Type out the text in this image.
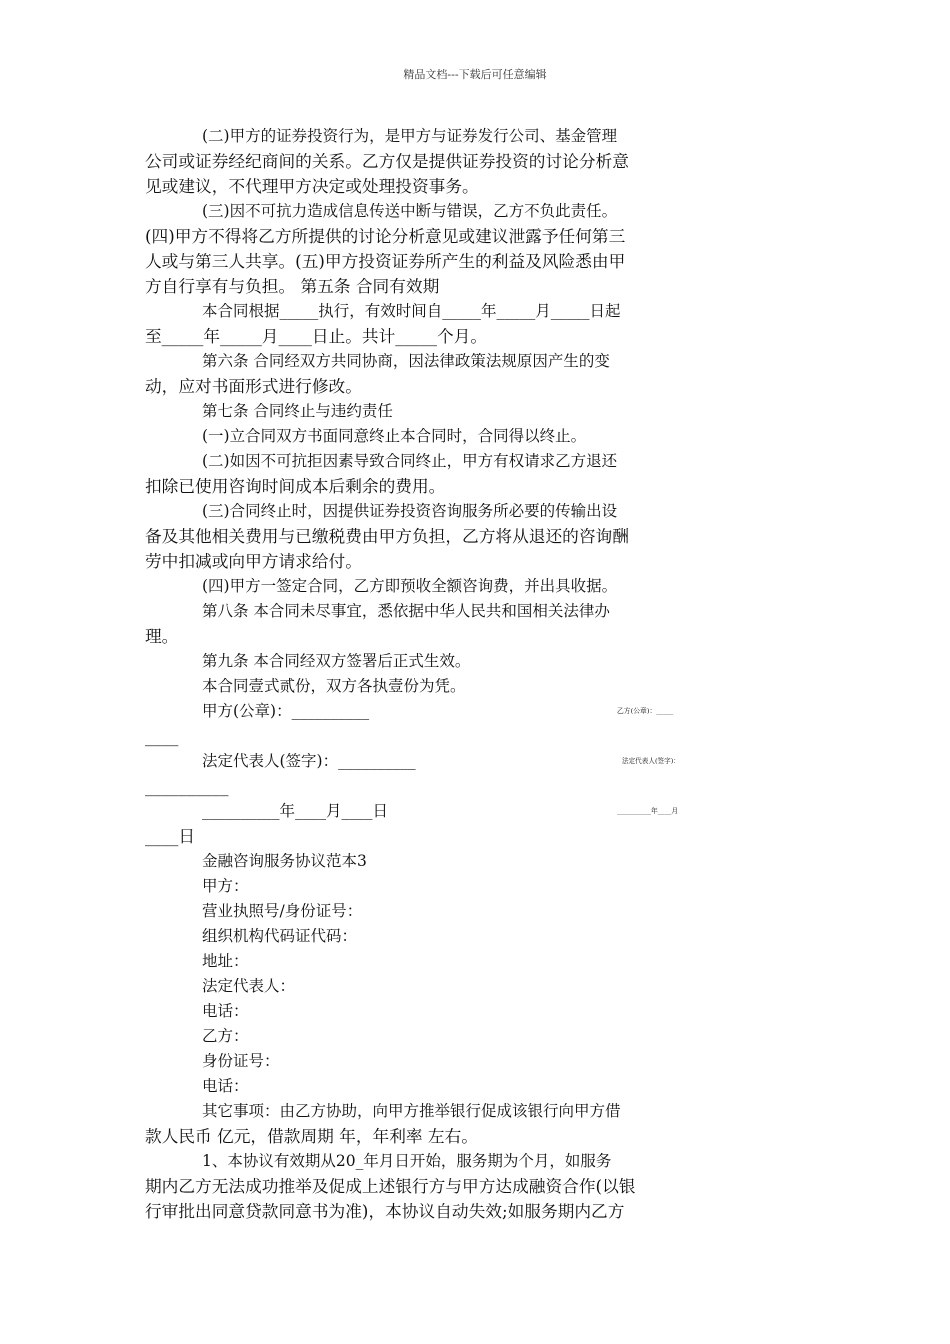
精品文档---下载后可任意编辑
(二)甲方的证券投资行为，是甲方与证券发行公司、基金管理
公司或证券经纪商间的关系。乙方仅是提供证券投资的讨论分析意
见或建议，不代理甲方决定或处理投资事务。
(三)因不可抗力造成信息传送中断与错误，乙方不负此责任。
(四)甲方不得将乙方所提供的讨论分析意见或建议泄露予任何第三
人或与第三人共享。(五)甲方投资证券所产生的利益及风险悉由甲
方自行享有与负担。 第五条 合同有效期
本合同根据_____执行，有效时间自_____年_____月_____日起
至_____年_____月____日止。共计_____个月。
第六条 合同经双方共同协商，因法律政策法规原因产生的变
动，应对书面形式进行修改。
第七条 合同终止与违约责任
(一)立合同双方书面同意终止本合同时，合同得以终止。
(二)如因不可抗拒因素导致合同终止，甲方有权请求乙方退还
扣除已使用咨询时间成本后剩余的费用。
(三)合同终止时，因提供证券投资咨询服务所必要的传输出设
备及其他相关费用与已缴税费由甲方负担，乙方将从退还的咨询酬
劳中扣减或向甲方请求给付。
(四)甲方一签定合同，乙方即预收全额咨询费，并出具收据。
第八条 本合同未尽事宜，悉依据中华人民共和国相关法律办
理。
第九条 本合同经双方签署后正式生效。
本合同壹式贰份，双方各执壹份为凭。
甲方(公章)：__________	乙方(公章)：_____
____
法定代表人(签字)：__________	法定代表人(签字)：
__________
__________年____月____日	__________年____月
____日
金融咨询服务协议范本3
甲方：
营业执照号/身份证号：
组织机构代码证代码：
地址：
法定代表人：
电话：
乙方：
身份证号：
电话：
其它事项：由乙方协助，向甲方推举银行促成该银行向甲方借
款人民币 亿元，借款周期 年，年利率 左右。
1、本协议有效期从20_年月日开始，服务期为个月，如服务
期内乙方无法成功推举及促成上述银行方与甲方达成融资合作(以银
行审批出同意贷款同意书为准)，本协议自动失效;如服务期内乙方
